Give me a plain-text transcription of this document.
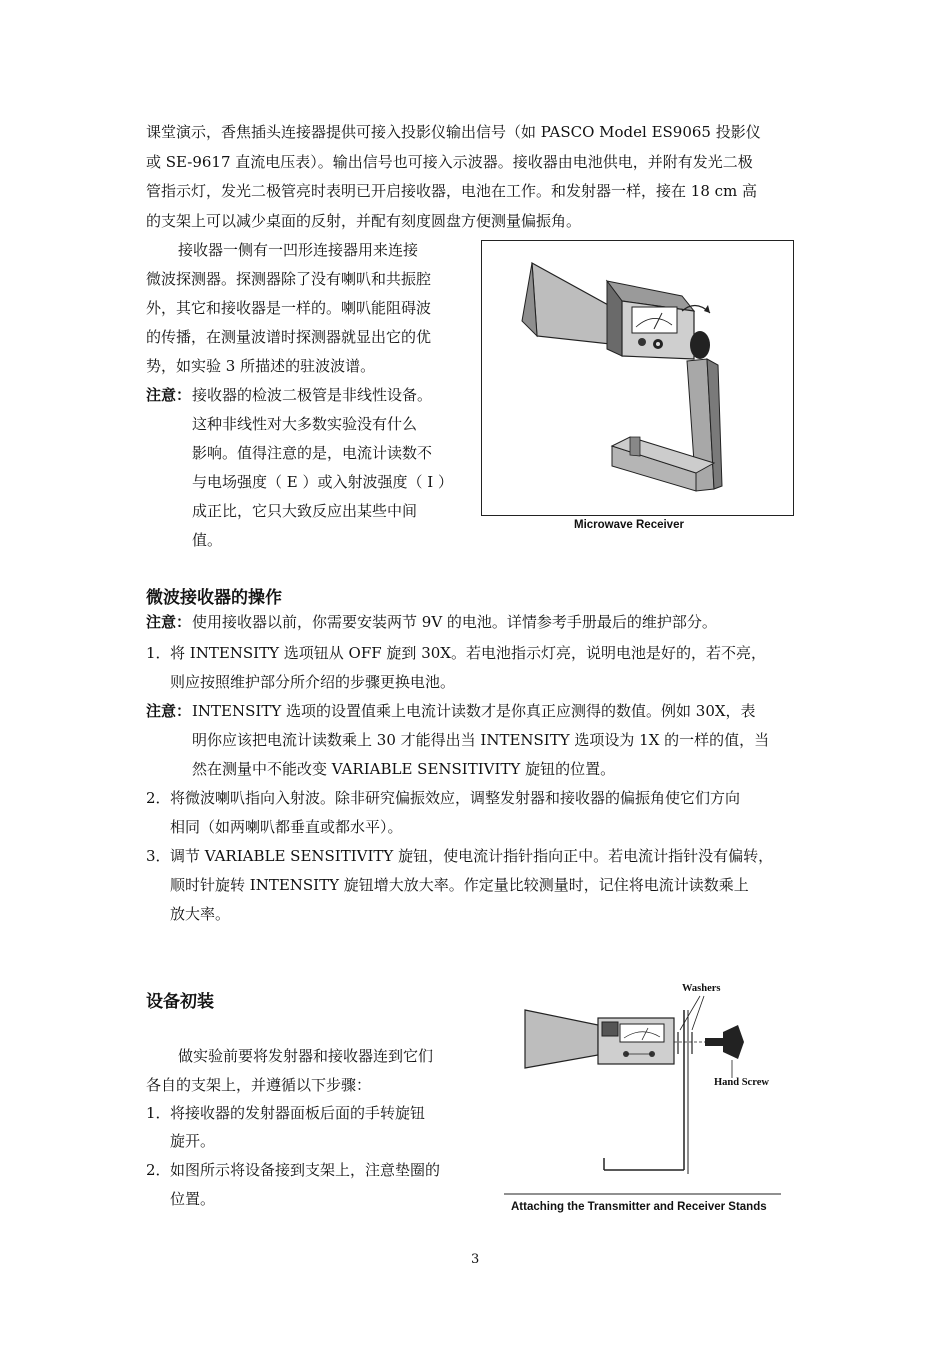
课堂演示，香焦插头连接器提供可接入投影仪输出信号（如 PASCO Model ES9065 投影仪
或 SE-9617 直流电压表）。输出信号也可接入示波器。接收器由电池供电，并附有发光二极
管指示灯，发光二极管亮时表明已开启接收器，电池在工作。和发射器一样，接在 18 cm 高
的支架上可以减少桌面的反射，并配有刻度圆盘方便测量偏振角。
接收器一侧有一凹形连接器用来连接
微波探测器。探测器除了没有喇叭和共振腔
外，其它和接收器是一样的。喇叭能阻碍波
的传播，在测量波谱时探测器就显出它的优
势，如实验 3 所描述的驻波波谱。
注意： 接收器的检波二极管是非线性设备。
这种非线性对大多数实验没有什么
影响。值得注意的是，电流计读数不
与电场强度（ E ）或入射波强度（ I ）
成正比，它只大致反应出某些中间
值。
Microwave Receiver
微波接收器的操作
注意： 使用接收器以前，你需要安装两节 9V 的电池。详情参考手册最后的维护部分。
1． 将 INTENSITY 选项钮从 OFF 旋到 30X。若电池指示灯亮，说明电池是好的，若不亮，
则应按照维护部分所介绍的步骤更换电池。
注意： INTENSITY 选项的设置值乘上电流计读数才是你真正应测得的数值。例如 30X，表
明你应该把电流计读数乘上 30 才能得出当 INTENSITY 选项设为 1X 的一样的值，当
然在测量中不能改变 VARIABLE SENSITIVITY 旋钮的位置。
2． 将微波喇叭指向入射波。除非研究偏振效应，调整发射器和接收器的偏振角使它们方向
相同（如两喇叭都垂直或都水平）。
3． 调节 VARIABLE SENSITIVITY 旋钮，使电流计指针指向正中。若电流计指针没有偏转，
顺时针旋转 INTENSITY 旋钮增大放大率。作定量比较测量时，记住将电流计读数乘上
放大率。
设备初装
做实验前要将发射器和接收器连到它们
各自的支架上，并遵循以下步骤：
1． 将接收器的发射器面板后面的手转旋钮
旋开。
2． 如图所示将设备接到支架上，注意垫圈的
位置。
Washers
Hand Screw
Attaching the Transmitter and Receiver Stands
3
